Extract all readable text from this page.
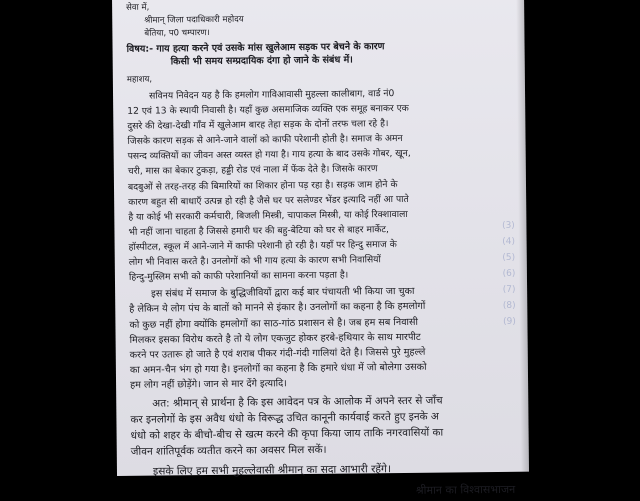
सेवा में,

श्रीमान् जिला पदाधिकारी महोदय

बेतिया, प0 चम्पारण।

विषय:- गाय हत्या करने एवं उसके मांस खुलेआम सड़क पर बेचने के कारण

किसी भी समय सम्प्रदायिक दंगा हो जाने के संबंध में।

महाशय,

सविनय निवेदन यह है कि हमलोग गाविआवासी मुहल्ला कालीबाग, वार्ड नं0

12 एवं 13 के स्थायी निवासी है। यहाँ कुछ असमाजिक व्यक्ति एक समूह बनाकर एक

दुसरे की देखा-देखी गाँव में खुलेआम बारह तेहा सड़क के दोनों तरफ चला रहे है।

जिसके कारण सड़क से आने-जाने वालों को काफी परेशानी होती है। समाज के अमन

पसन्द व्यक्तियों का जीवन अस्त व्यस्त हो गया है। गाय हत्या के बाद उसके गोबर, खून,

चरी, मास का बेकार टुकड़ा, हड्डी रोड एवं नाला में फेंक देते है। जिसके कारण

बदबुओं से तरह-तरह की बिमारियों का शिकार होना पड़ रहा है। सड़क जाम होने के

कारण बहुत सी बाधाएँ उत्पन्न हो रही है जैसे घर पर सलेण्डर भेंडर इत्यादि नहीं आ पाते

है या कोई भी सरकारी कर्मचारी, बिजली मिस्त्री, चापाकल मिस्त्री, या कोई रिक्शावाला

भी नहीं जाना चाहता है जिससे हमारी घर की बहु-बेटिया को घर से बाहर मार्केट,

हॉस्पीटल, स्कूल में आने-जाने में काफी परेशानी हो रही है। यहाँ पर हिन्दु समाज के

लोग भी निवास करते है। उनलोगों को भी गाय हत्या के कारण सभी निवासियों

हिन्दु-मुस्लिम सभी को काफी परेशानियों का सामना करना पड़ता है।

इस संबंध में समाज के बुद्धिजीवियों द्वारा कई बार पंचायती भी किया जा चुका

है लेकिन ये लोग पंच के बातों को मानने से इंकार है। उनलोगों का कहना है कि हमलोगों

को कुछ नहीं होगा क्योंकि हमलोगों का साठ-गांठ प्रशासन से है। जब हम सब निवासी

मिलकर इसका विरोध करते है तो ये लोग एकजुट होकर हरबे-हथियार के साथ मारपीट

करने पर उतारू हो जाते है एवं शराब पीकर गंदी-गंदी गालियां देते है। जिससे पुरे मुहल्ले

का अमन-चैन भंग हो गया है। इनलोगों का कहना है कि हमारे धंधा में जो बोलेगा उसको

हम लोग नहीं छोड़ेंगे। जान से मार देंगे इत्यादि।

अत: श्रीमान् से प्रार्थना है कि इस आवेदन पत्र के आलोक में अपने स्तर से जाँच

कर इनलोगों के इस अवैध धंधो के विरूद्ध उचित कानूनी कार्यवाई करते हुए इनके अ

धंधो को शहर के बीचो-बीच से खत्म करने की कृपा किया जाय ताकि नगरवासियों का

जीवन शांतिपूर्वक व्यतीत करने का अवसर मिल सकें।

इसके लिए हम सभी मुहल्लेवासी श्रीमान् का सदा आभारी रहेंगे।

श्रीमान का विश्वासभाजन

(3)
(4)
(5)
(6)
(7)
(8)
(9)
